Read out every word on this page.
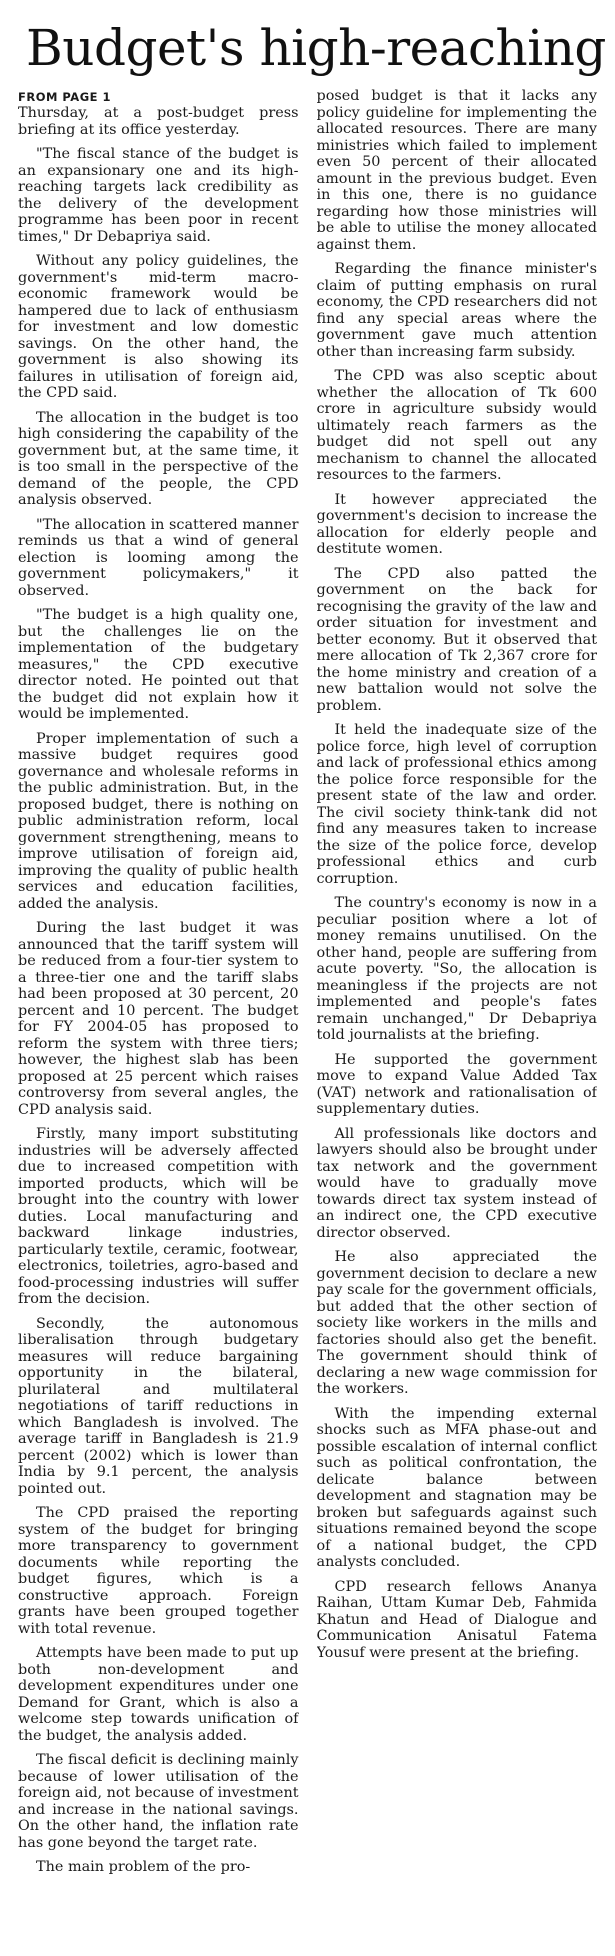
Budget's high-reaching
FROM PAGE 1

Thursday, at a post-budget press briefing at its office yesterday.

"The fiscal stance of the budget is an expansionary one and its high-reaching targets lack credibility as the delivery of the development programme has been poor in recent times," Dr Debapriya said.

Without any policy guidelines, the government's mid-term macro-economic framework would be hampered due to lack of enthusiasm for investment and low domestic savings. On the other hand, the government is also showing its failures in utilisation of foreign aid, the CPD said.

The allocation in the budget is too high considering the capability of the government but, at the same time, it is too small in the perspective of the demand of the people, the CPD analysis observed.

"The allocation in scattered manner reminds us that a wind of general election is looming among the government policymakers," it observed.

"The budget is a high quality one, but the challenges lie on the implementation of the budgetary measures," the CPD executive director noted. He pointed out that the budget did not explain how it would be implemented.

Proper implementation of such a massive budget requires good governance and wholesale reforms in the public administration. But, in the proposed budget, there is nothing on public administration reform, local government strengthening, means to improve utilisation of foreign aid, improving the quality of public health services and education facilities, added the analysis.

During the last budget it was announced that the tariff system will be reduced from a four-tier system to a three-tier one and the tariff slabs had been proposed at 30 percent, 20 percent and 10 percent. The budget for FY 2004-05 has proposed to reform the system with three tiers; however, the highest slab has been proposed at 25 percent which raises controversy from several angles, the CPD analysis said.

Firstly, many import substituting industries will be adversely affected due to increased competition with imported products, which will be brought into the country with lower duties. Local manufacturing and backward linkage industries, particularly textile, ceramic, footwear, electronics, toiletries, agro-based and food-processing industries will suffer from the decision.

Secondly, the autonomous liberalisation through budgetary measures will reduce bargaining opportunity in the bilateral, plurilateral and multilateral negotiations of tariff reductions in which Bangladesh is involved. The average tariff in Bangladesh is 21.9 percent (2002) which is lower than India by 9.1 percent, the analysis pointed out.

The CPD praised the reporting system of the budget for bringing more transparency to government documents while reporting the budget figures, which is a constructive approach. Foreign grants have been grouped together with total revenue.

Attempts have been made to put up both non-development and development expenditures under one Demand for Grant, which is also a welcome step towards unification of the budget, the analysis added.

The fiscal deficit is declining mainly because of lower utilisation of the foreign aid, not because of investment and increase in the national savings. On the other hand, the inflation rate has gone beyond the target rate.

The main problem of the pro-

posed budget is that it lacks any policy guideline for implementing the allocated resources. There are many ministries which failed to implement even 50 percent of their allocated amount in the previous budget. Even in this one, there is no guidance regarding how those ministries will be able to utilise the money allocated against them.

Regarding the finance minister's claim of putting emphasis on rural economy, the CPD researchers did not find any special areas where the government gave much attention other than increasing farm subsidy.

The CPD was also sceptic about whether the allocation of Tk 600 crore in agriculture subsidy would ultimately reach farmers as the budget did not spell out any mechanism to channel the allocated resources to the farmers.

It however appreciated the government's decision to increase the allocation for elderly people and destitute women.

The CPD also patted the government on the back for recognising the gravity of the law and order situation for investment and better economy. But it observed that mere allocation of Tk 2,367 crore for the home ministry and creation of a new battalion would not solve the problem.

It held the inadequate size of the police force, high level of corruption and lack of professional ethics among the police force responsible for the present state of the law and order. The civil society think-tank did not find any measures taken to increase the size of the police force, develop professional ethics and curb corruption.

The country's economy is now in a peculiar position where a lot of money remains unutilised. On the other hand, people are suffering from acute poverty. "So, the allocation is meaningless if the projects are not implemented and people's fates remain unchanged," Dr Debapriya told journalists at the briefing.

He supported the government move to expand Value Added Tax (VAT) network and rationalisation of supplementary duties.

All professionals like doctors and lawyers should also be brought under tax network and the government would have to gradually move towards direct tax system instead of an indirect one, the CPD executive director observed.

He also appreciated the government decision to declare a new pay scale for the government officials, but added that the other section of society like workers in the mills and factories should also get the benefit. The government should think of declaring a new wage commission for the workers.

With the impending external shocks such as MFA phase-out and possible escalation of internal conflict such as political confrontation, the delicate balance between development and stagnation may be broken but safeguards against such situations remained beyond the scope of a national budget, the CPD analysts concluded.

CPD research fellows Ananya Raihan, Uttam Kumar Deb, Fahmida Khatun and Head of Dialogue and Communication Anisatul Fatema Yousuf were present at the briefing.
